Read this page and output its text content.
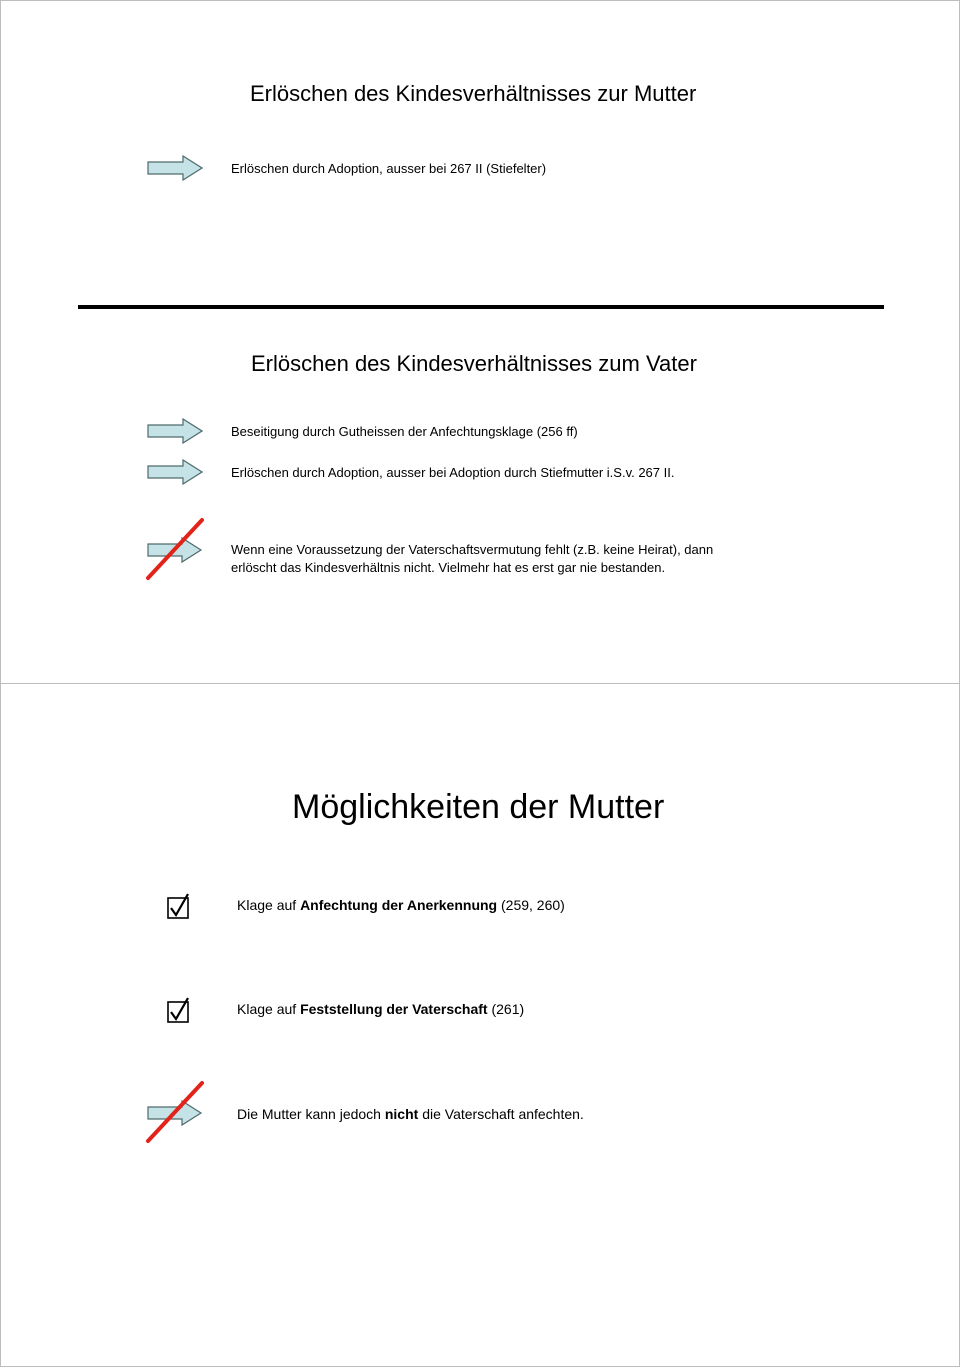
Erlöschen des Kindesverhältnisses zur Mutter
Erlöschen durch Adoption, ausser bei 267 II (Stiefelter)
Erlöschen des Kindesverhältnisses zum Vater
Beseitigung durch Gutheissen der Anfechtungsklage (256 ff)
Erlöschen durch Adoption, ausser bei Adoption durch Stiefmutter i.S.v. 267 II.
Wenn eine Voraussetzung der Vaterschaftsvermutung fehlt (z.B. keine Heirat), dann
erlöscht das Kindesverhältnis nicht. Vielmehr hat es erst gar nie bestanden.
Möglichkeiten der Mutter
Klage auf Anfechtung der Anerkennung (259, 260)
Klage auf Feststellung der Vaterschaft (261)
Die Mutter kann jedoch nicht die Vaterschaft anfechten.
